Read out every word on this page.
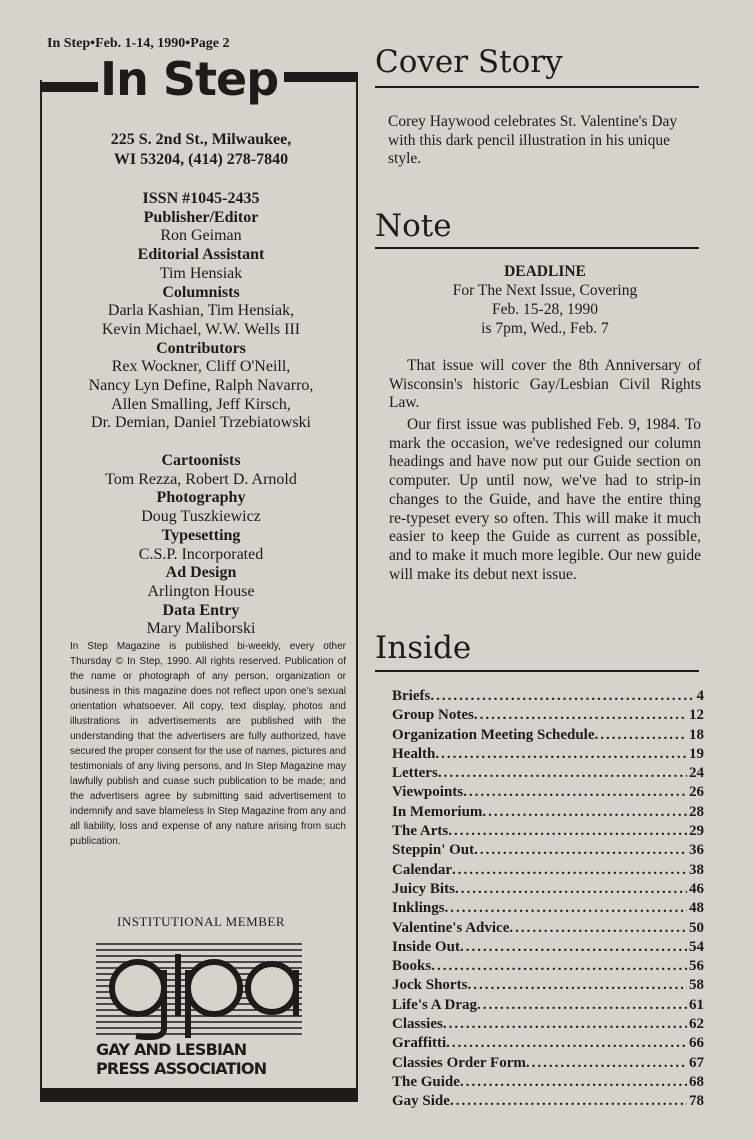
In Step•Feb. 1-14, 1990•Page 2
In Step
225 S. 2nd St., Milwaukee,
WI 53204, (414) 278-7840
ISSN #1045-2435
Publisher/Editor
Ron Geiman
Editorial Assistant
Tim Hensiak
Columnists
Darla Kashian, Tim Hensiak,
Kevin Michael, W.W. Wells III
Contributors
Rex Wockner, Cliff O'Neill,
Nancy Lyn Define, Ralph Navarro,
Allen Smalling, Jeff Kirsch,
Dr. Demian, Daniel Trzebiatowski
Cartoonists
Tom Rezza, Robert D. Arnold
Photography
Doug Tuszkiewicz
Typesetting
C.S.P. Incorporated
Ad Design
Arlington House
Data Entry
Mary Maliborski
In Step Magazine is published bi-weekly, every other Thursday © In Step, 1990. All rights reserved. Publication of the name or photograph of any person, organization or business in this magazine does not reflect upon one's sexual orientation whatsoever. All copy, text display, photos and illustrations in advertisements are published with the understanding that the advertisers are fully authorized, have secured the proper consent for the use of names, pictures and testimonials of any living persons, and In Step Magazine may lawfully publish and cuase such publication to be made; and the advertisers agree by submitting said advertisement to indemnify and save blameless In Step Magazine from any and all liability, loss and expense of any nature arising from such publication.
INSTITUTIONAL MEMBER
GAY AND LESBIAN
PRESS ASSOCIATION
Cover Story
Corey Haywood celebrates St. Valentine's Day with this dark pencil illustration in his unique style.
Note
DEADLINE
For The Next Issue, Covering
Feb. 15-28, 1990
is 7pm, Wed., Feb. 7
That issue will cover the 8th Anniversary of Wisconsin's historic Gay/Lesbian Civil Rights Law.
Our first issue was published Feb. 9, 1984. To mark the occasion, we've redesigned our column headings and have now put our Guide section on computer. Up until now, we've had to strip-in changes to the Guide, and have the entire thing re-typeset every so often. This will make it much easier to keep the Guide as current as possible, and to make it much more legible. Our new guide will make its debut next issue.
Inside
Briefs .....	4
Group Notes .....	12
Organization Meeting Schedule .....	18
Health .....	19
Letters .....	24
Viewpoints .....	26
In Memorium .....	28
The Arts .....	29
Steppin' Out .....	36
Calendar .....	38
Juicy Bits .....	46
Inklings .....	48
Valentine's Advice .....	50
Inside Out .....	54
Books .....	56
Jock Shorts .....	58
Life's A Drag .....	61
Classies .....	62
Graffitti .....	66
Classies Order Form .....	67
The Guide .....	68
Gay Side .....	78
